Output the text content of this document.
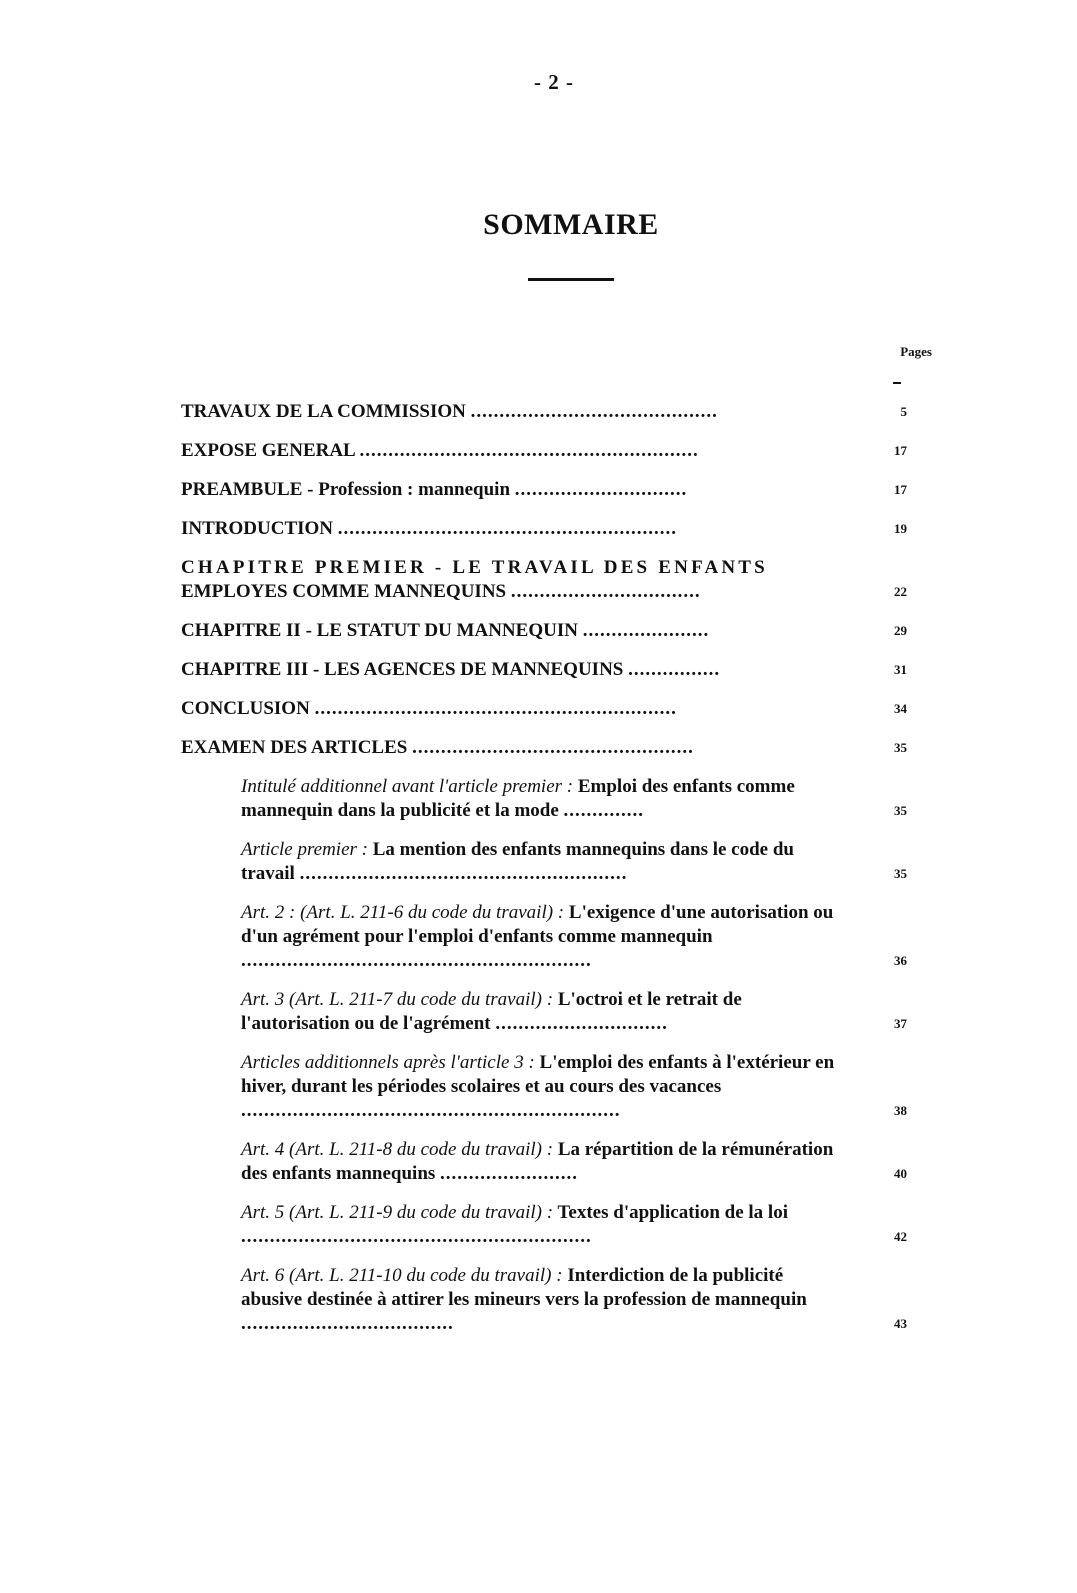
- 2 -
SOMMAIRE
Pages
TRAVAUX DE LA COMMISSION ...........................................	5
EXPOSE GENERAL ...........................................................	17
PREAMBULE - Profession : mannequin ..............................	17
INTRODUCTION ...........................................................	19
CHAPITRE PREMIER - LE TRAVAIL DES ENFANTS
EMPLOYES COMME MANNEQUINS .................................	22
CHAPITRE II - LE STATUT DU MANNEQUIN ......................	29
CHAPITRE III - LES AGENCES DE MANNEQUINS ................	31
CONCLUSION ...............................................................	34
EXAMEN DES ARTICLES .................................................	35
Intitulé additionnel avant l'article premier : Emploi des enfants comme mannequin dans la publicité et la mode ..............	35
Article premier : La mention des enfants mannequins dans le code du travail .........................................................	35
Art. 2 : (Art. L. 211-6 du code du travail) : L'exigence d'une autorisation ou d'un agrément pour l'emploi d'enfants comme mannequin .............................................................	36
Art. 3 (Art. L. 211-7 du code du travail) : L'octroi et le retrait de l'autorisation ou de l'agrément ..............................	37
Articles additionnels après l'article 3 : L'emploi des enfants à l'extérieur en hiver, durant les périodes scolaires et au cours des vacances ..................................................................	38
Art. 4 (Art. L. 211-8 du code du travail) : La répartition de la rémunération des enfants mannequins ........................	40
Art. 5 (Art. L. 211-9 du code du travail) : Textes d'application de la loi .............................................................	42
Art. 6 (Art. L. 211-10 du code du travail) : Interdiction de la publicité abusive destinée à attirer les mineurs vers la profession de mannequin .....................................	43
